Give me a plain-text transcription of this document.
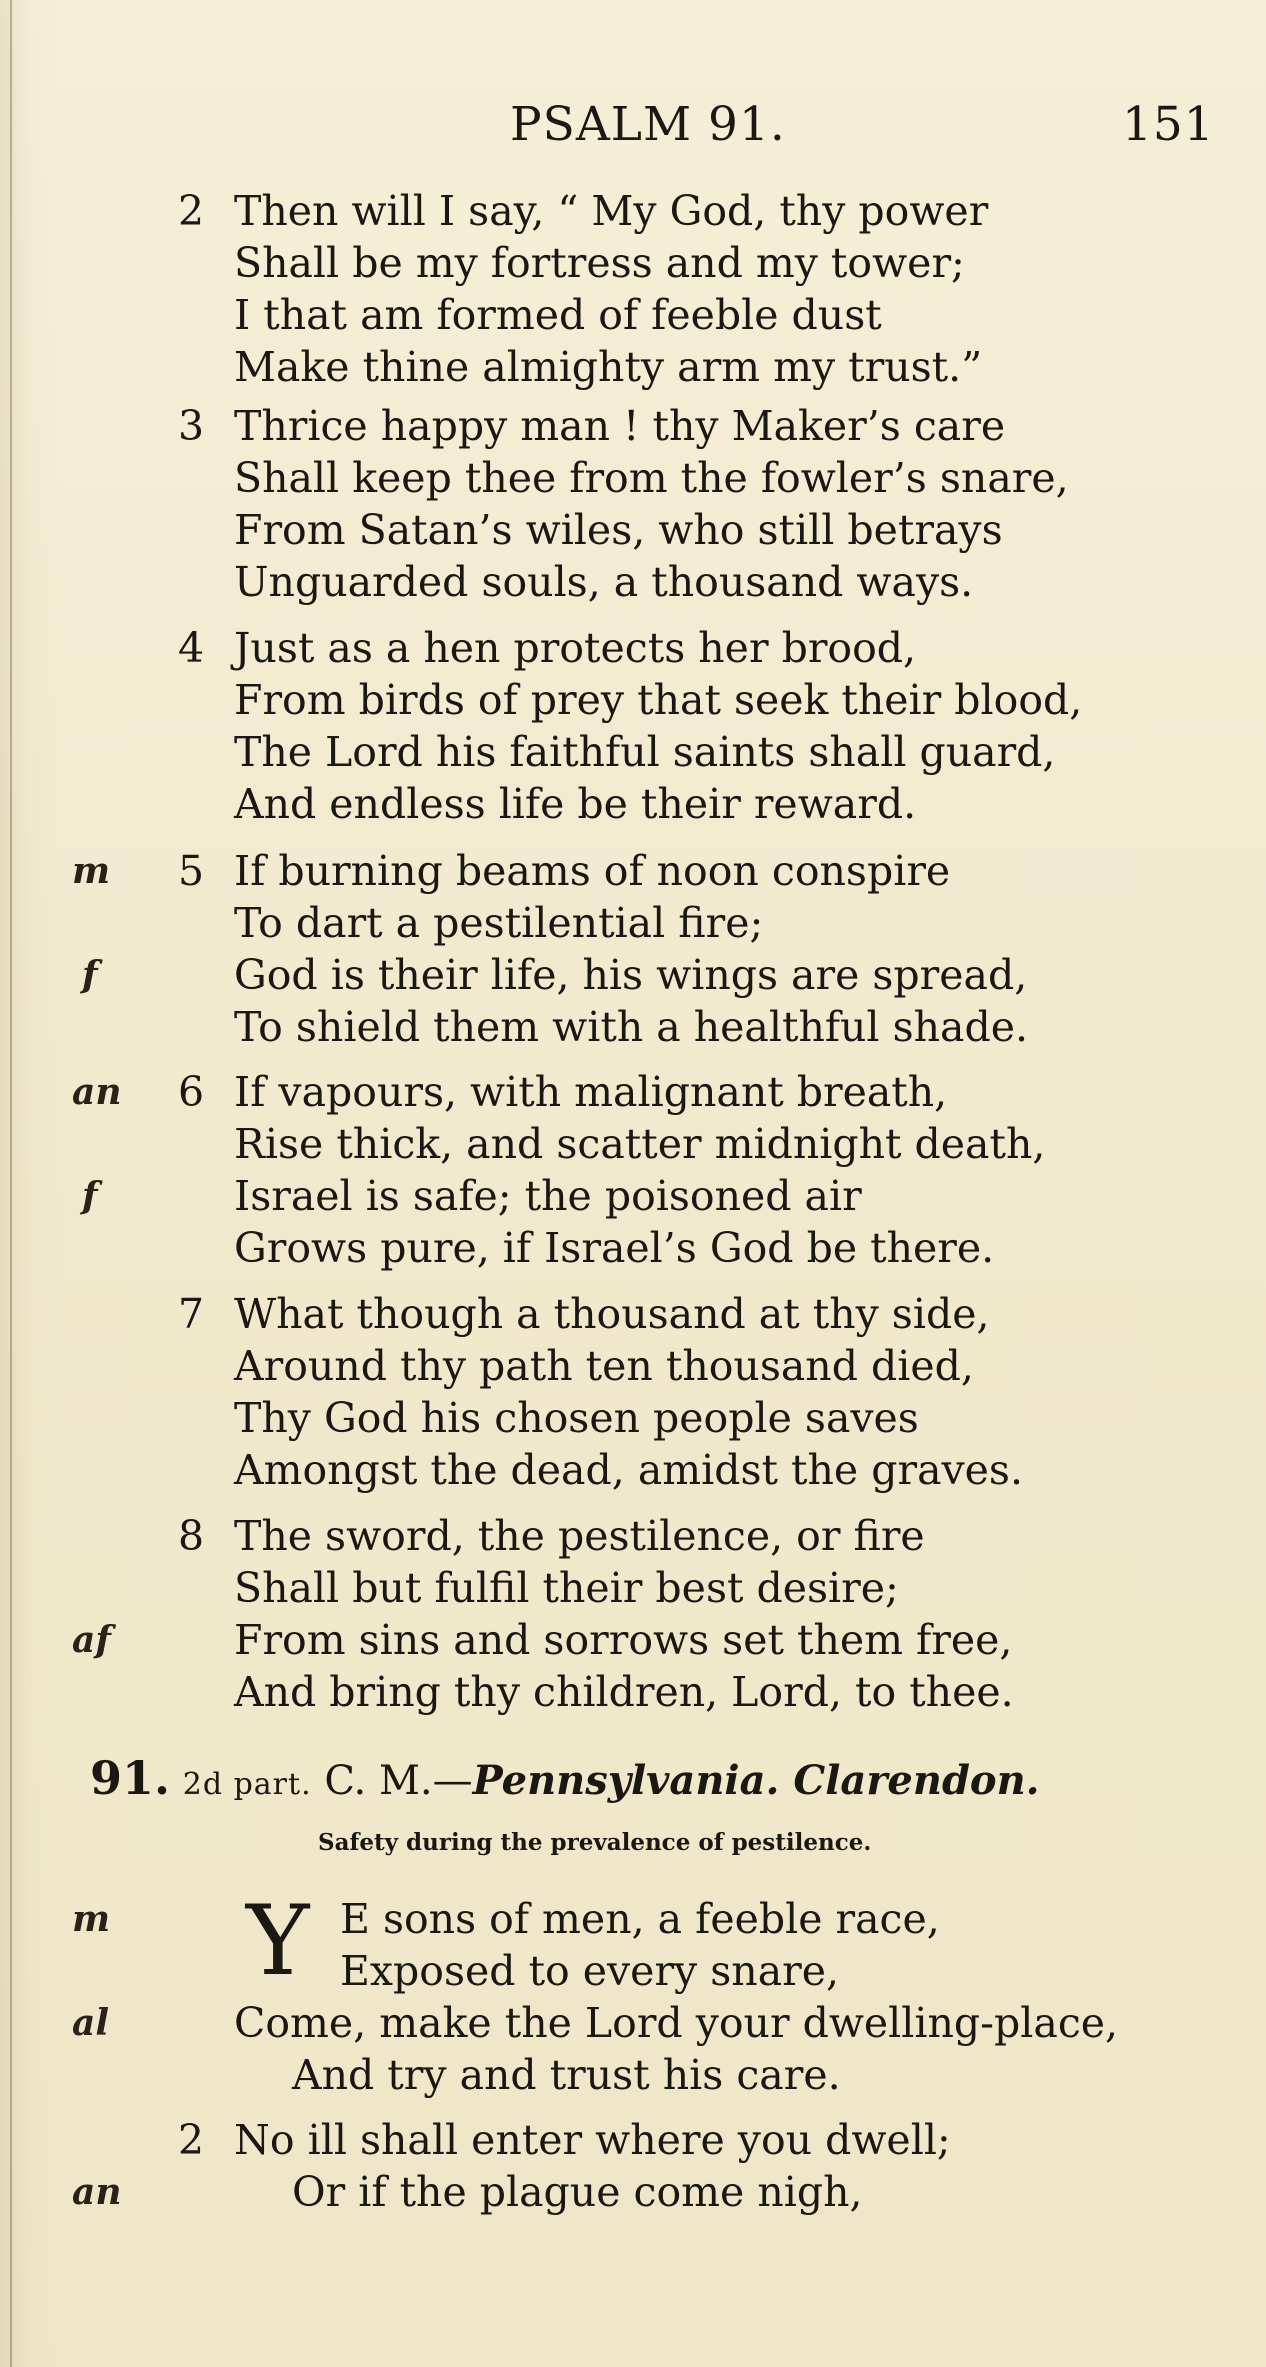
PSALM 91.	151
2 Then will I say, “ My God, thy power
Shall be my fortress and my tower;
I that am formed of feeble dust
Make thine almighty arm my trust.”
3 Thrice happy man ! thy Maker’s care
Shall keep thee from the fowler’s snare,
From Satan’s wiles, who still betrays
Unguarded souls, a thousand ways.
4 Just as a hen protects her brood,
From birds of prey that seek their blood,
The Lord his faithful saints shall guard,
And endless life be their reward.
m 5 If burning beams of noon conspire
To dart a pestilential fire;
f	God is their life, his wings are spread,
To shield them with a healthful shade.
an 6 If vapours, with malignant breath,
Rise thick, and scatter midnight death,
f	Israel is safe; the poisoned air
Grows pure, if Israel’s God be there.
7 What though a thousand at thy side,
Around thy path ten thousand died,
Thy God his chosen people saves
Amongst the dead, amidst the graves.
8 The sword, the pestilence, or fire
Shall but fulfil their best desire;
af	From sins and sorrows set them free,
And bring thy children, Lord, to thee.
91. 2d part. C. M.—Pennsylvania. Clarendon.
Safety during the prevalence of pestilence.
m Y E sons of men, a feeble race,
Exposed to every snare,
al	Come, make the Lord your dwelling-place,
And try and trust his care.
2 No ill shall enter where you dwell;
an	Or if the plague come nigh,
